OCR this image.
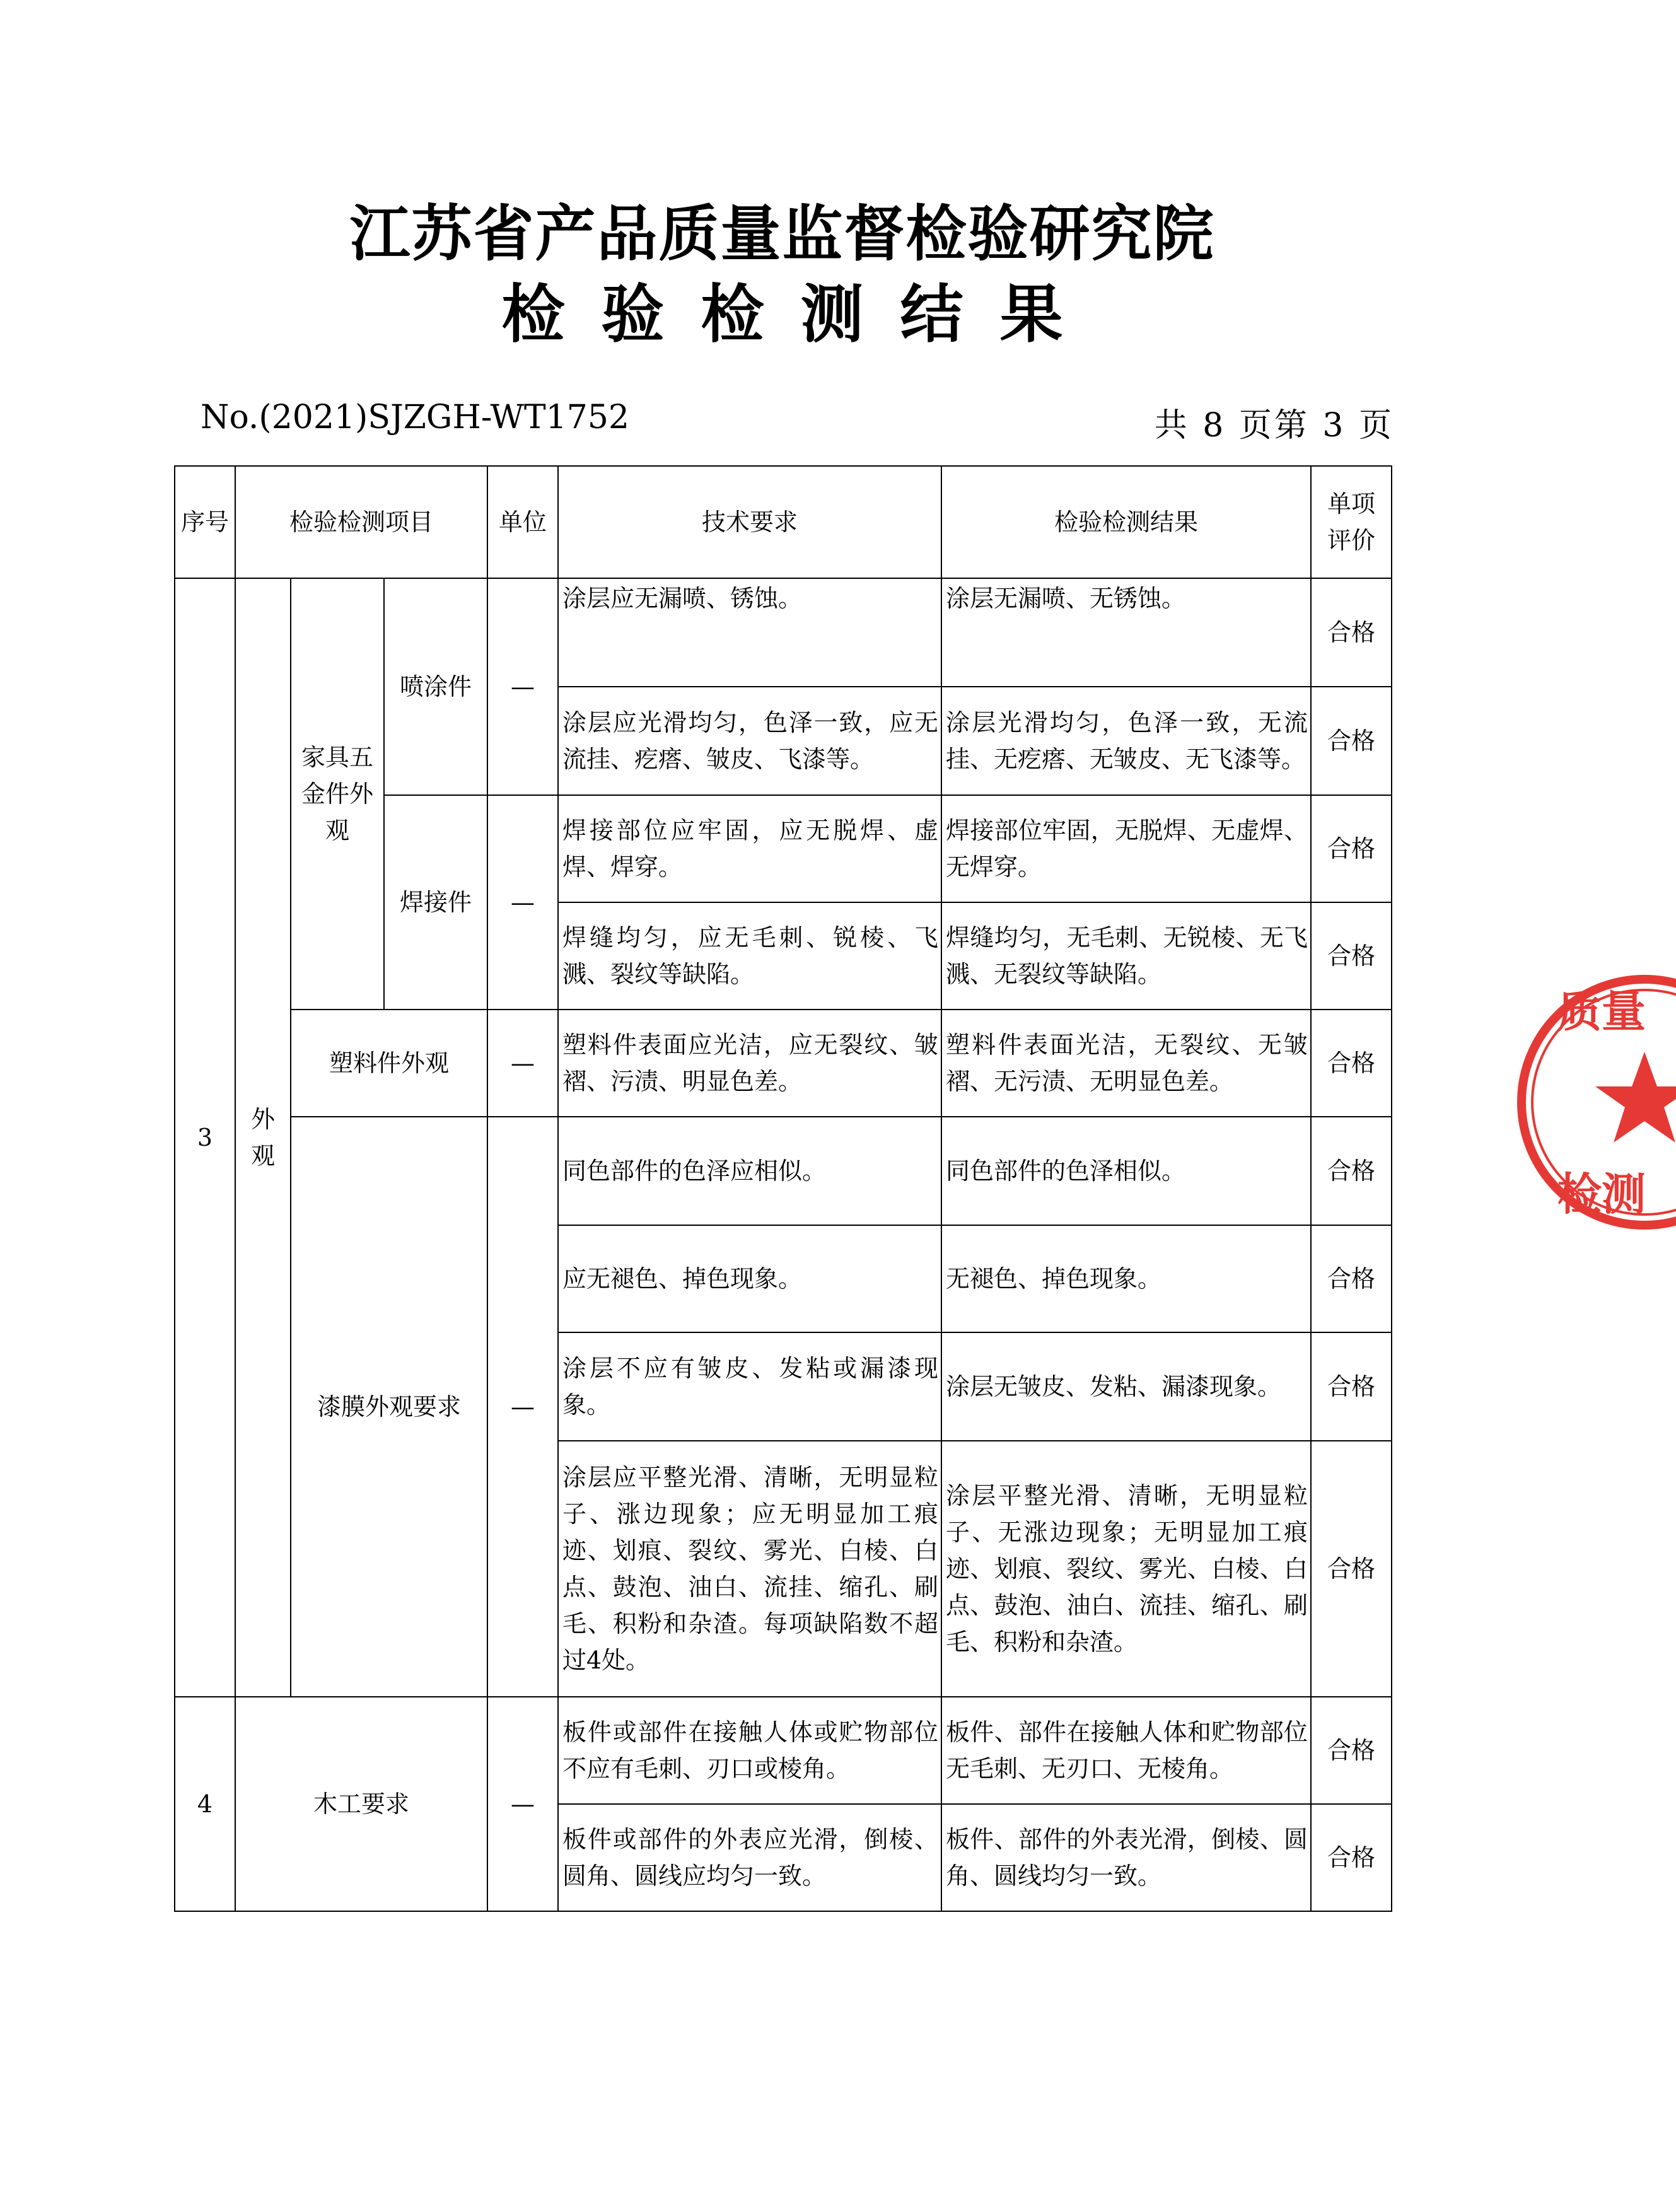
江苏省产品质量监督检验研究院
检验检测结果
No.(2021)SJZGH-WT1752	共 8 页第 3 页
序号	检验检测项目			单位	技术要求	检验检测结果	单项评价
3	外观	家具五金件外观	喷涂件	—	涂层应无漏喷、锈蚀。	涂层无漏喷、无锈蚀。	合格
					涂层应光滑均匀，色泽一致，应无流挂、疙瘩、皱皮、飞漆等。	涂层光滑均匀，色泽一致，无流挂、无疙瘩、无皱皮、无飞漆等。	合格
			焊接件	—	焊接部位应牢固，应无脱焊、虚焊、焊穿。	焊接部位牢固，无脱焊、无虚焊、无焊穿。	合格
					焊缝均匀，应无毛刺、锐棱、飞溅、裂纹等缺陷。	焊缝均匀，无毛刺、无锐棱、无飞溅、无裂纹等缺陷。	合格
		塑料件外观		—	塑料件表面应光洁，应无裂纹、皱褶、污渍、明显色差。	塑料件表面光洁，无裂纹、无皱褶、无污渍、无明显色差。	合格
		漆膜外观要求		—	同色部件的色泽应相似。	同色部件的色泽相似。	合格
					应无褪色、掉色现象。	无褪色、掉色现象。	合格
					涂层不应有皱皮、发粘或漏漆现象。	涂层无皱皮、发粘、漏漆现象。	合格
					涂层应平整光滑、清晰，无明显粒子、涨边现象；应无明显加工痕迹、划痕、裂纹、雾光、白棱、白点、鼓泡、油白、流挂、缩孔、刷毛、积粉和杂渣。每项缺陷数不超过4处。	涂层平整光滑、清晰，无明显粒子、无涨边现象；无明显加工痕迹、划痕、裂纹、雾光、白棱、白点、鼓泡、油白、流挂、缩孔、刷毛、积粉和杂渣。	合格
4	木工要求			—	板件或部件在接触人体或贮物部位不应有毛刺、刃口或棱角。	板件、部件在接触人体和贮物部位无毛刺、无刃口、无棱角。	合格
					板件或部件的外表应光滑，倒棱、圆角、圆线应均匀一致。	板件、部件的外表光滑，倒棱、圆角、圆线均匀一致。	合格
质量
检测
